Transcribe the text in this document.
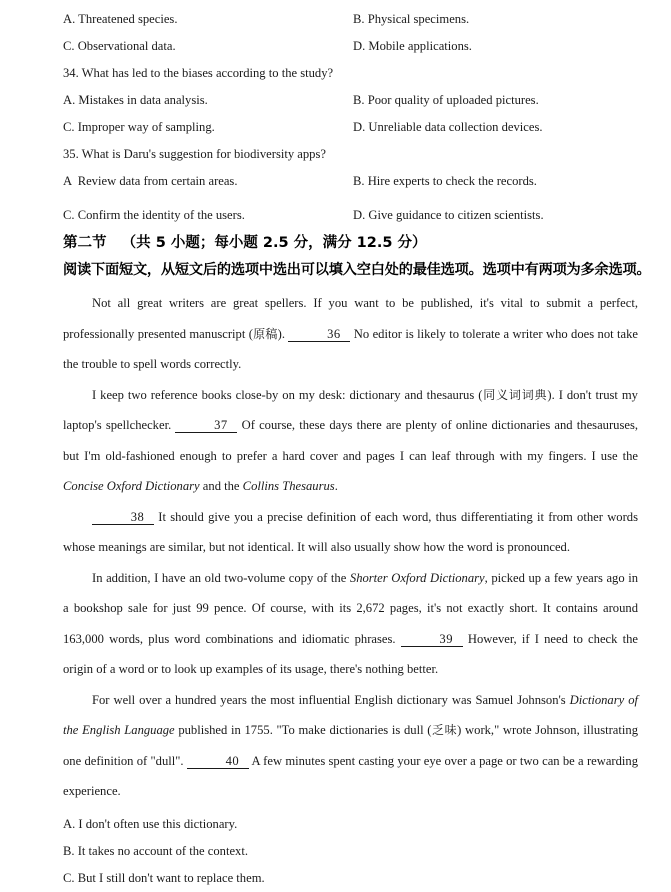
A. Threatened species.	B. Physical specimens.
C. Observational data.	D. Mobile applications.
34. What has led to the biases according to the study?
A. Mistakes in data analysis.	B. Poor quality of uploaded pictures.
C. Improper way of sampling.	D. Unreliable data collection devices.
35. What is Daru's suggestion for biodiversity apps?
A  Review data from certain areas.	B. Hire experts to check the records.
C. Confirm the identity of the users.	D. Give guidance to citizen scientists.
第二节   （共 5 小题；每小题 2.5 分，满分 12.5 分）
阅读下面短文，从短文后的选项中选出可以填入空白处的最佳选项。选项中有两项为多余选项。

Not all great writers are great spellers. If you want to be published, it's vital to submit a perfect, professionally presented manuscript (原稿).	36 No editor is likely to tolerate a writer who does not take the trouble to spell words correctly.

I keep two reference books close-by on my desk: dictionary and thesaurus (同义词词典). I don't trust my laptop's spellchecker.	37 Of course, these days there are plenty of online dictionaries and thesauruses, but I'm old-fashioned enough to prefer a hard cover and pages I can leaf through with my fingers. I use the Concise Oxford Dictionary and the Collins Thesaurus.

38 It should give you a precise definition of each word, thus differentiating it from other words whose meanings are similar, but not identical. It will also usually show how the word is pronounced.

In addition, I have an old two-volume copy of the Shorter Oxford Dictionary, picked up a few years ago in a bookshop sale for just 99 pence. Of course, with its 2,672 pages, it's not exactly short. It contains around 163,000 words, plus word combinations and idiomatic phrases.	39 However, if I need to check the origin of a word or to look up examples of its usage, there's nothing better.

For well over a hundred years the most influential English dictionary was Samuel Johnson's Dictionary of the English Language published in 1755. "To make dictionaries is dull (乏味) work," wrote Johnson, illustrating one definition of "dull".	40 A few minutes spent casting your eye over a page or two can be a rewarding experience.

A. I don't often use this dictionary.
B. It takes no account of the context.
C. But I still don't want to replace them.
